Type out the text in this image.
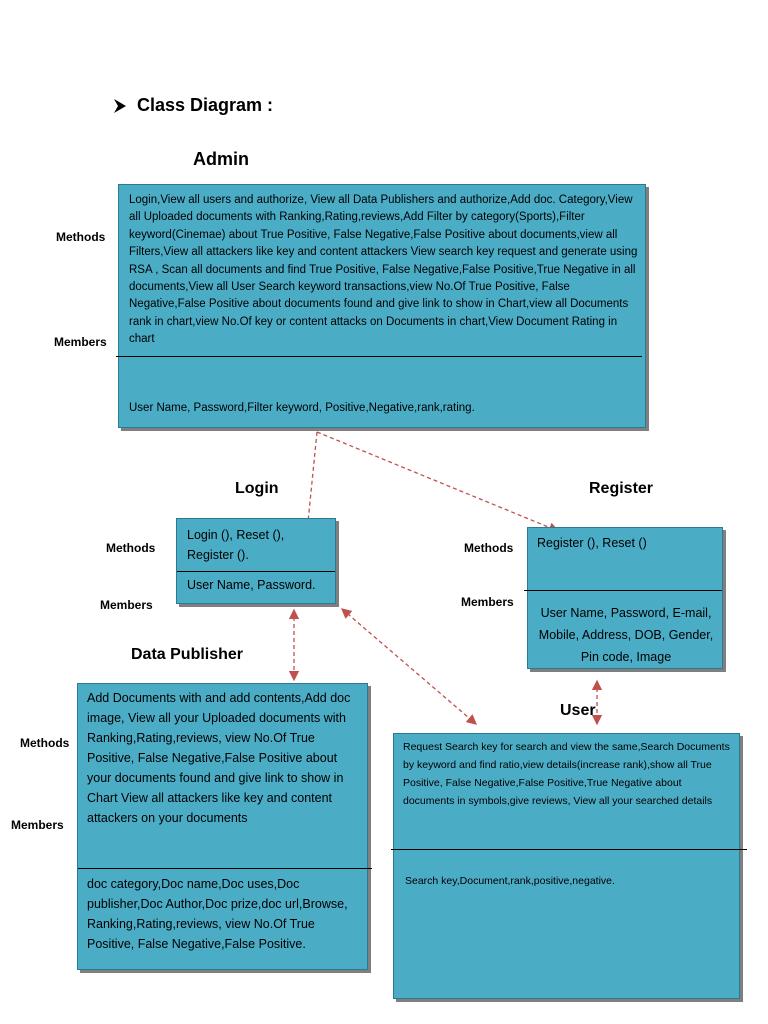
Class Diagram :
Admin
Methods
Members
Login,View all users and authorize, View all Data Publishers and authorize,Add doc. Category,View all Uploaded documents with Ranking,Rating,reviews,Add Filter by category(Sports),Filter keyword(Cinemae) about True Positive, False Negative,False Positive about documents,view all Filters,View all attackers like key and content attackers View search key request and generate using RSA , Scan all documents and find True Positive, False Negative,False Positive,True Negative in all documents,View all User Search keyword transactions,view No.Of True Positive, False Negative,False Positive about documents found and give link to show in Chart,view all Documents rank in chart,view No.Of key or content attacks on Documents in chart,View Document Rating in chart
User Name, Password,Filter keyword, Positive,Negative,rank,rating.
Login
Methods
Members
Login (), Reset (), Register ().
User Name, Password.
Register
Methods
Members
Register (), Reset ()
User Name, Password, E-mail, Mobile, Address, DOB, Gender, Pin code, Image
Data Publisher
Methods
Members
Add Documents with and add contents,Add doc image, View all your Uploaded documents with Ranking,Rating,reviews, view No.Of True Positive, False Negative,False Positive about your documents found and give link to show in Chart View all attackers like key and content attackers on your documents
doc category,Doc name,Doc uses,Doc publisher,Doc Author,Doc prize,doc url,Browse, Ranking,Rating,reviews, view No.Of True Positive, False Negative,False Positive.
User
Request Search key for search and view the same,Search Documents by keyword and find ratio,view details(increase rank),show all True Positive, False Negative,False Positive,True Negative about documents in symbols,give reviews, View all your searched details
Search key,Document,rank,positive,negative.
